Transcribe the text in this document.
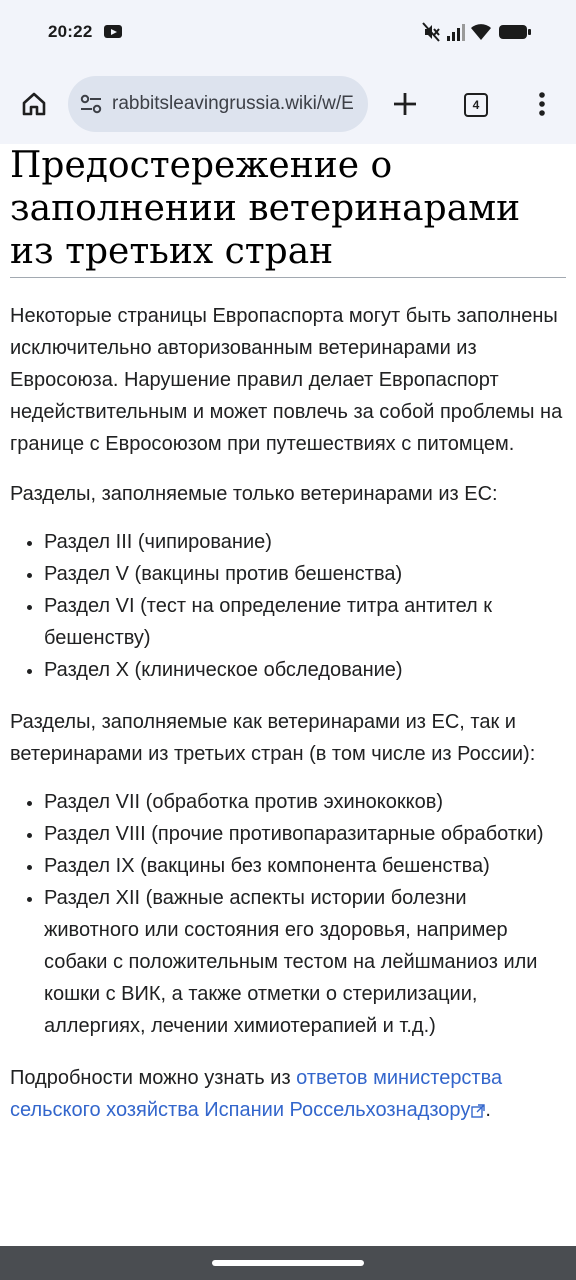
20:22
rabbitsleavingrussia.wiki/w/E	4
Предостережение о заполнении ветеринарами из третьих стран

Некоторые страницы Европаспорта могут быть заполнены исключительно авторизованным ветеринарами из Евросоюза. Нарушение правил делает Европаспорт недействительным и может повлечь за собой проблемы на границе с Евросоюзом при путешествиях с питомцем.

Разделы, заполняемые только ветеринарами из ЕС:

• Раздел III (чипирование)
• Раздел V (вакцины против бешенства)
• Раздел VI (тест на определение титра антител к бешенству)
• Раздел X (клиническое обследование)

Разделы, заполняемые как ветеринарами из ЕС, так и ветеринарами из третьих стран (в том числе из России):

• Раздел VII (обработка против эхинококков)
• Раздел VIII (прочие противопаразитарные обработки)
• Раздел IX (вакцины без компонента бешенства)
• Раздел XII (важные аспекты истории болезни животного или состояния его здоровья, например собаки с положительным тестом на лейшманиоз или кошки с ВИК, а также отметки о стерилизации, аллергиях, лечении химиотерапией и т.д.)

Подробности можно узнать из ответов министерства сельского хозяйства Испании Россельхознадзору .
